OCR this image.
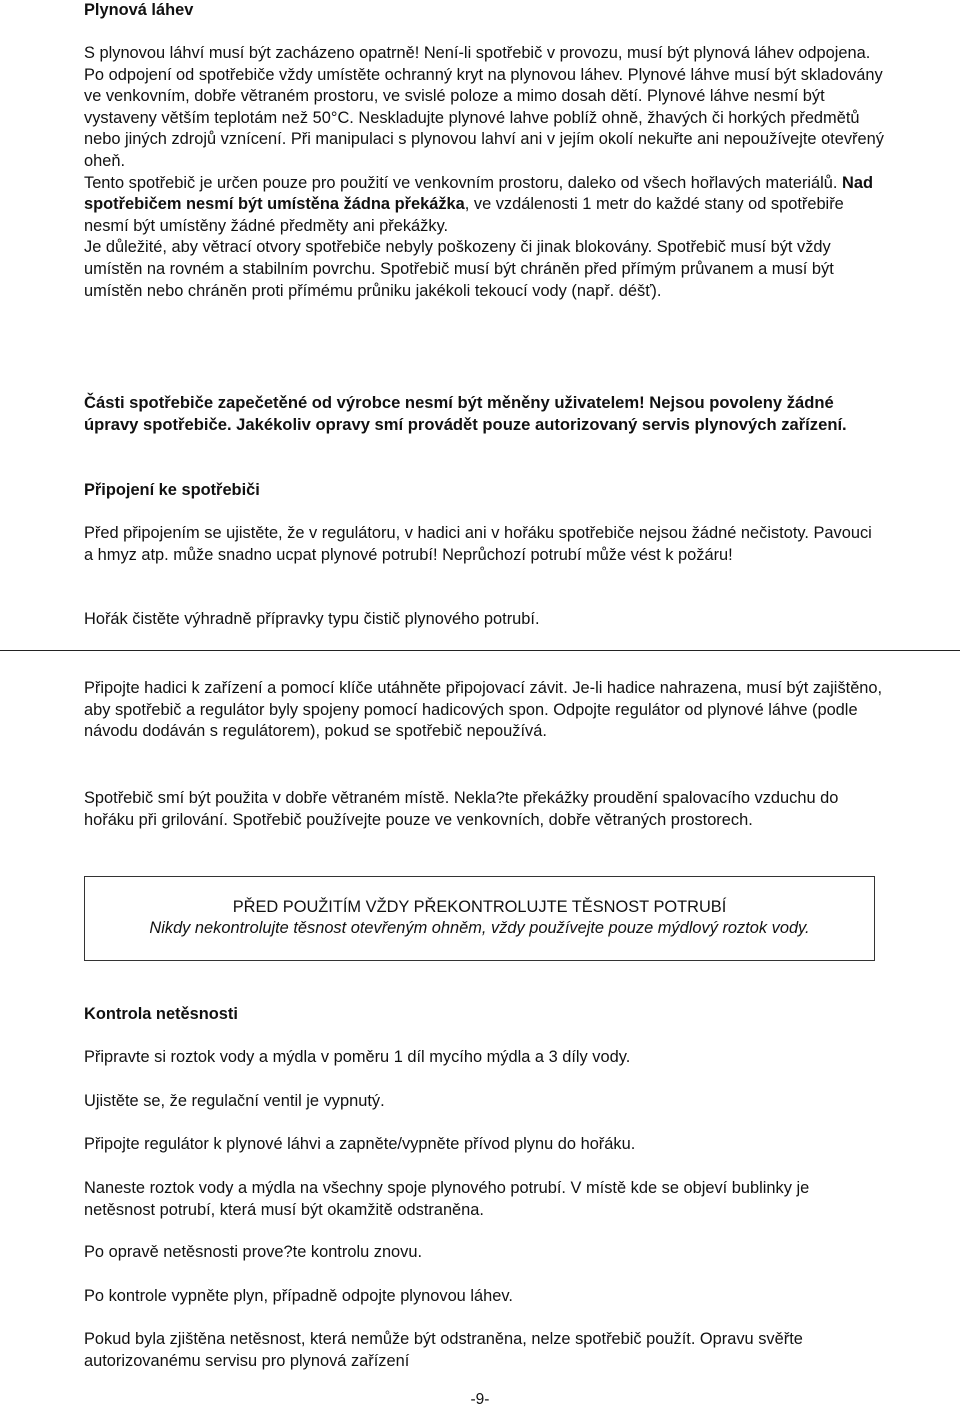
Plynová láhev

S plynovou láhví musí být zacházeno opatrně! Není-li spotřebič v provozu, musí být plynová láhev odpojena. Po odpojení od spotřebiče vždy umístěte ochranný kryt na plynovou láhev. Plynové láhve musí být skladovány ve venkovním, dobře větraném prostoru, ve svislé poloze a mimo dosah dětí. Plynové láhve nesmí být vystaveny větším teplotám než 50°C. Neskladujte plynové lahve poblíž ohně, žhavých či horkých předmětů nebo jiných zdrojů vznícení. Při manipulaci s plynovou lahví ani v jejím okolí nekuřte ani nepoužívejte otevřený oheň.
Tento spotřebič je určen pouze pro použití ve venkovním prostoru, daleko od všech hořlavých materiálů. Nad spotřebičem nesmí být umístěna žádna překážka, ve vzdálenosti 1 metr do každé stany od spotřebiře nesmí být umístěny žádné předměty ani překážky.
Je důležité, aby větrací otvory spotřebiče nebyly poškozeny či jinak blokovány. Spotřebič musí být vždy umístěn na rovném a stabilním povrchu. Spotřebič musí být chráněn před přímým průvanem a musí být umístěn nebo chráněn proti přímému průniku jakékoli tekoucí vody (např. déšť).

Části spotřebiče zapečetěné od výrobce nesmí být měněny uživatelem! Nejsou povoleny žádné úpravy spotřebiče. Jakékoliv opravy smí provádět pouze autorizovaný servis plynových zařízení.

Připojení ke spotřebiči

Před připojením se ujistěte, že v regulátoru, v hadici ani v hořáku spotřebiče nejsou žádné nečistoty. Pavouci a hmyz atp. může snadno ucpat plynové potrubí! Neprůchozí potrubí může vést k požáru!

Hořák čistěte výhradně přípravky typu čistič plynového potrubí.

Připojte hadici k zařízení a pomocí klíče utáhněte připojovací závit. Je-li hadice nahrazena, musí být zajištěno, aby spotřebič a regulátor byly spojeny pomocí hadicových spon. Odpojte regulátor od plynové láhve (podle návodu dodáván s regulátorem), pokud se spotřebič nepoužívá.

Spotřebič smí být použita v dobře větraném místě. Nekla?te překážky proudění spalovacího vzduchu do hořáku při grilování. Spotřebič používejte pouze ve venkovních, dobře větraných prostorech.

PŘED POUŽITÍM VŽDY PŘEKONTROLUJTE TĚSNOST POTRUBÍ
Nikdy nekontrolujte těsnost otevřeným ohněm, vždy používejte pouze mýdlový roztok vody.

Kontrola netěsnosti

Připravte si roztok vody a mýdla v poměru 1 díl mycího mýdla a 3 díly vody.

Ujistěte se, že regulační ventil je vypnutý.

Připojte regulátor k plynové láhvi a zapněte/vypněte přívod plynu do hořáku.

Naneste roztok vody a mýdla na všechny spoje plynového potrubí. V místě kde se objeví bublinky je netěsnost potrubí, která musí být okamžitě odstraněna.

Po opravě netěsnosti prove?te kontrolu znovu.

Po kontrole vypněte plyn, případně odpojte plynovou láhev.

Pokud byla zjištěna netěsnost, která nemůže být odstraněna, nelze spotřebič použít. Opravu svěřte autorizovanému servisu pro plynová zařízení

-9-
